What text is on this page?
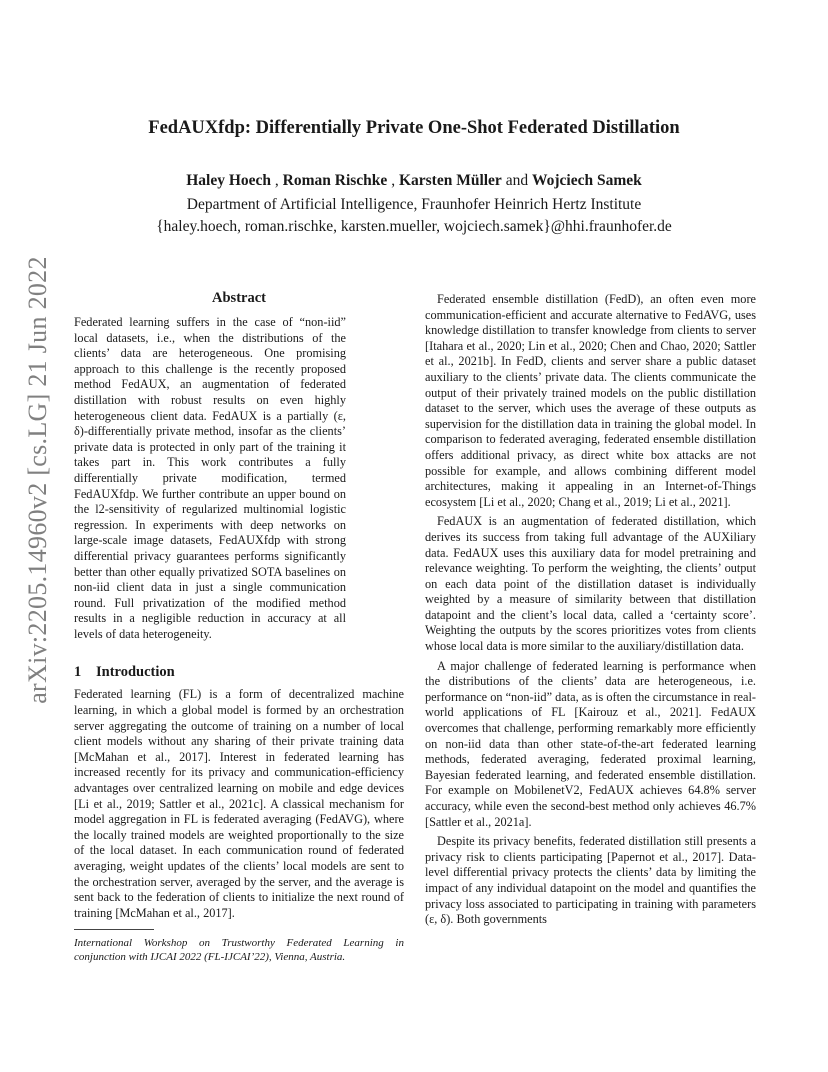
arXiv:2205.14960v2 [cs.LG] 21 Jun 2022
FedAUXfdp: Differentially Private One-Shot Federated Distillation
Haley Hoech , Roman Rischke , Karsten Müller and Wojciech Samek
Department of Artificial Intelligence, Fraunhofer Heinrich Hertz Institute
{haley.hoech, roman.rischke, karsten.mueller, wojciech.samek}@hhi.fraunhofer.de
Abstract

Federated learning suffers in the case of “non-iid” local datasets, i.e., when the distributions of the clients’ data are heterogeneous. One promising approach to this challenge is the recently proposed method FedAUX, an augmentation of federated distillation with robust results on even highly heterogeneous client data. FedAUX is a partially (ε, δ)-differentially private method, insofar as the clients’ private data is protected in only part of the training it takes part in. This work contributes a fully differentially private modification, termed FedAUXfdp. We further contribute an upper bound on the l2-sensitivity of regularized multinomial logistic regression. In experiments with deep networks on large-scale image datasets, FedAUXfdp with strong differential privacy guarantees performs significantly better than other equally privatized SOTA baselines on non-iid client data in just a single communication round. Full privatization of the modified method results in a negligible reduction in accuracy at all levels of data heterogeneity.

1 Introduction

Federated learning (FL) is a form of decentralized machine learning, in which a global model is formed by an orchestration server aggregating the outcome of training on a number of local client models without any sharing of their private training data [McMahan et al., 2017]. Interest in federated learning has increased recently for its privacy and communication-efficiency advantages over centralized learning on mobile and edge devices [Li et al., 2019; Sattler et al., 2021c]. A classical mechanism for model aggregation in FL is federated averaging (FedAVG), where the locally trained models are weighted proportionally to the size of the local dataset. In each communication round of federated averaging, weight updates of the clients’ local models are sent to the orchestration server, averaged by the server, and the average is sent back to the federation of clients to initialize the next round of training [McMahan et al., 2017].

International Workshop on Trustworthy Federated Learning in conjunction with IJCAI 2022 (FL-IJCAI’22), Vienna, Austria.

Federated ensemble distillation (FedD), an often even more communication-efficient and accurate alternative to FedAVG, uses knowledge distillation to transfer knowledge from clients to server [Itahara et al., 2020; Lin et al., 2020; Chen and Chao, 2020; Sattler et al., 2021b]. In FedD, clients and server share a public dataset auxiliary to the clients’ private data. The clients communicate the output of their privately trained models on the public distillation dataset to the server, which uses the average of these outputs as supervision for the distillation data in training the global model. In comparison to federated averaging, federated ensemble distillation offers additional privacy, as direct white box attacks are not possible for example, and allows combining different model architectures, making it appealing in an Internet-of-Things ecosystem [Li et al., 2020; Chang et al., 2019; Li et al., 2021].

FedAUX is an augmentation of federated distillation, which derives its success from taking full advantage of the AUXiliary data. FedAUX uses this auxiliary data for model pretraining and relevance weighting. To perform the weighting, the clients’ output on each data point of the distillation dataset is individually weighted by a measure of similarity between that distillation datapoint and the client’s local data, called a ‘certainty score’. Weighting the outputs by the scores prioritizes votes from clients whose local data is more similar to the auxiliary/distillation data.

A major challenge of federated learning is performance when the distributions of the clients’ data are heterogeneous, i.e. performance on “non-iid” data, as is often the circumstance in real-world applications of FL [Kairouz et al., 2021]. FedAUX overcomes that challenge, performing remarkably more efficiently on non-iid data than other state-of-the-art federated learning methods, federated averaging, federated proximal learning, Bayesian federated learning, and federated ensemble distillation. For example on MobilenetV2, FedAUX achieves 64.8% server accuracy, while even the second-best method only achieves 46.7% [Sattler et al., 2021a].

Despite its privacy benefits, federated distillation still presents a privacy risk to clients participating [Papernot et al., 2017]. Data-level differential privacy protects the clients’ data by limiting the impact of any individual datapoint on the model and quantifies the privacy loss associated to participating in training with parameters (ε, δ). Both governments
